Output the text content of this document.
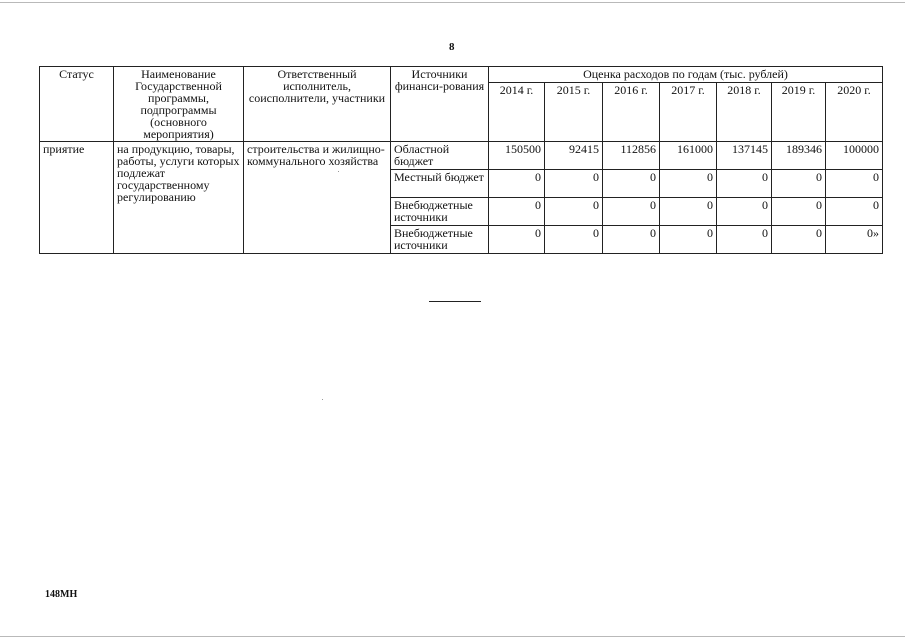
8
Статус	Наименование Государственной программы, подпрограммы (основного мероприятия)	Ответственный исполнитель, соисполнители, участники	Источники финанси-рования	Оценка расходов по годам (тыс. рублей)						
				2014 г.	2015 г.	2016 г.	2017 г.	2018 г.	2019 г.	2020 г.
приятие	на продукцию, товары, работы, услуги которых подлежат государственному регулированию	строительства и жилищно-коммунального хозяйства	Областной бюджет	150500	92415	112856	161000	137145	189346	100000
			Местный бюджет	0	0	0	0	0	0	0
			Внебюджетные источники	0	0	0	0	0	0	0
			Внебюджетные источники	0	0	0	0	0	0	0»
148МН
